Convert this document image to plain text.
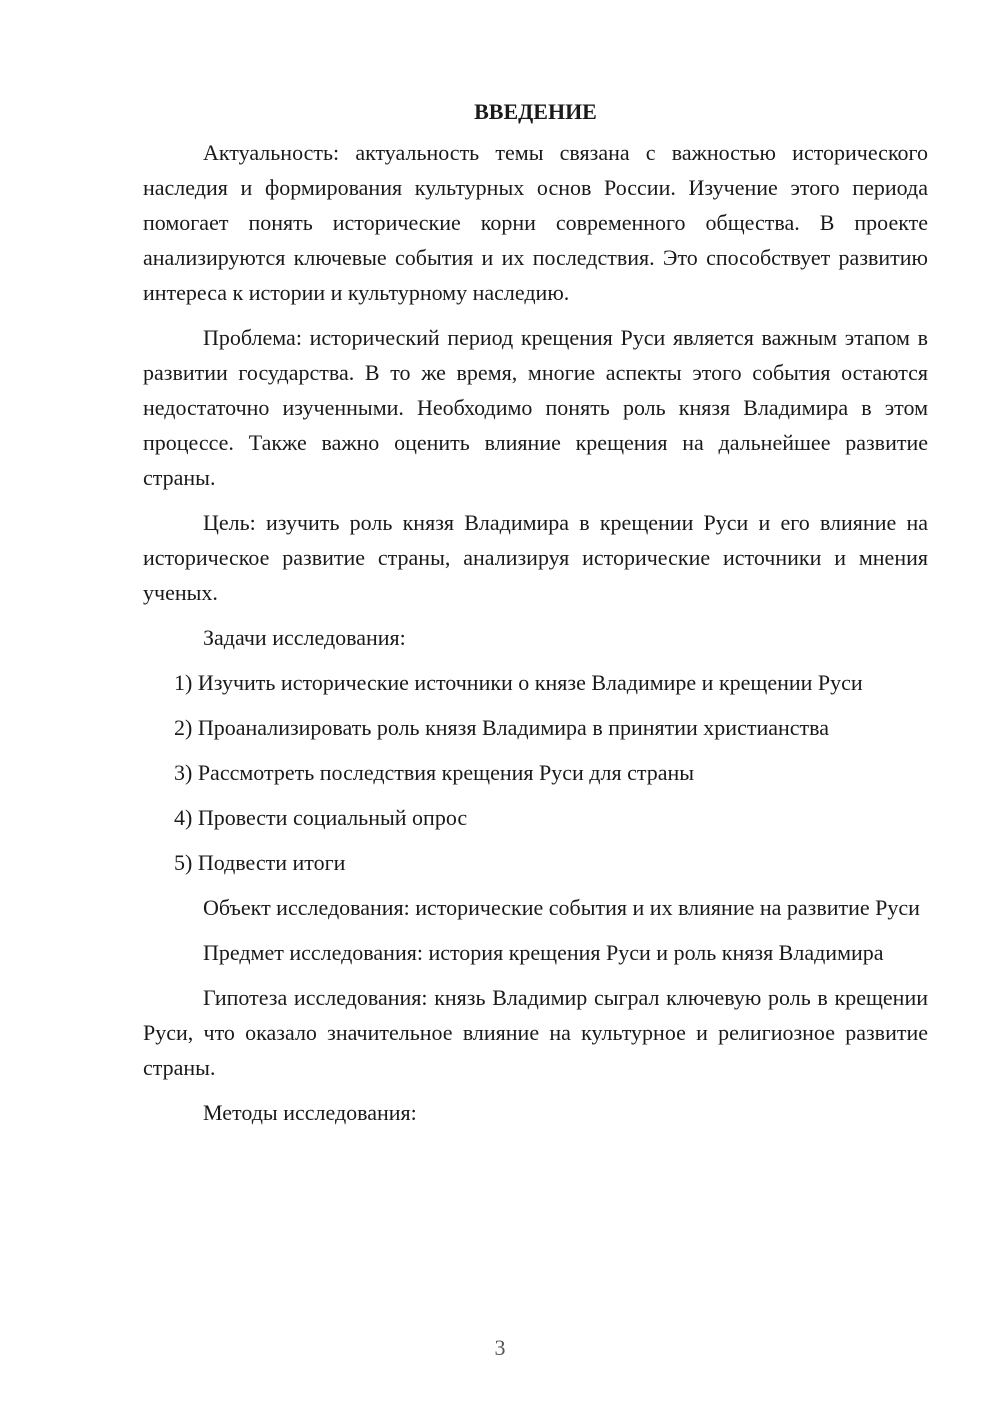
ВВЕДЕНИЕ

Актуальность: актуальность темы связана с важностью исторического наследия и формирования культурных основ России. Изучение этого периода помогает понять исторические корни современного общества. В проекте анализируются ключевые события и их последствия. Это способствует развитию интереса к истории и культурному наследию.

Проблема: исторический период крещения Руси является важным этапом в развитии государства. В то же время, многие аспекты этого события остаются недостаточно изученными. Необходимо понять роль князя Владимира в этом процессе. Также важно оценить влияние крещения на дальнейшее развитие страны.

Цель: изучить роль князя Владимира в крещении Руси и его влияние на историческое развитие страны, анализируя исторические источники и мнения ученых.

Задачи исследования:

1) Изучить исторические источники о князе Владимире и крещении Руси

2) Проанализировать роль князя Владимира в принятии христианства

3) Рассмотреть последствия крещения Руси для страны

4) Провести социальный опрос

5) Подвести итоги

Объект исследования: исторические события и их влияние на развитие Руси

Предмет исследования: история крещения Руси и роль князя Владимира

Гипотеза исследования: князь Владимир сыграл ключевую роль в крещении Руси, что оказало значительное влияние на культурное и религиозное развитие страны.

Методы исследования:

3
